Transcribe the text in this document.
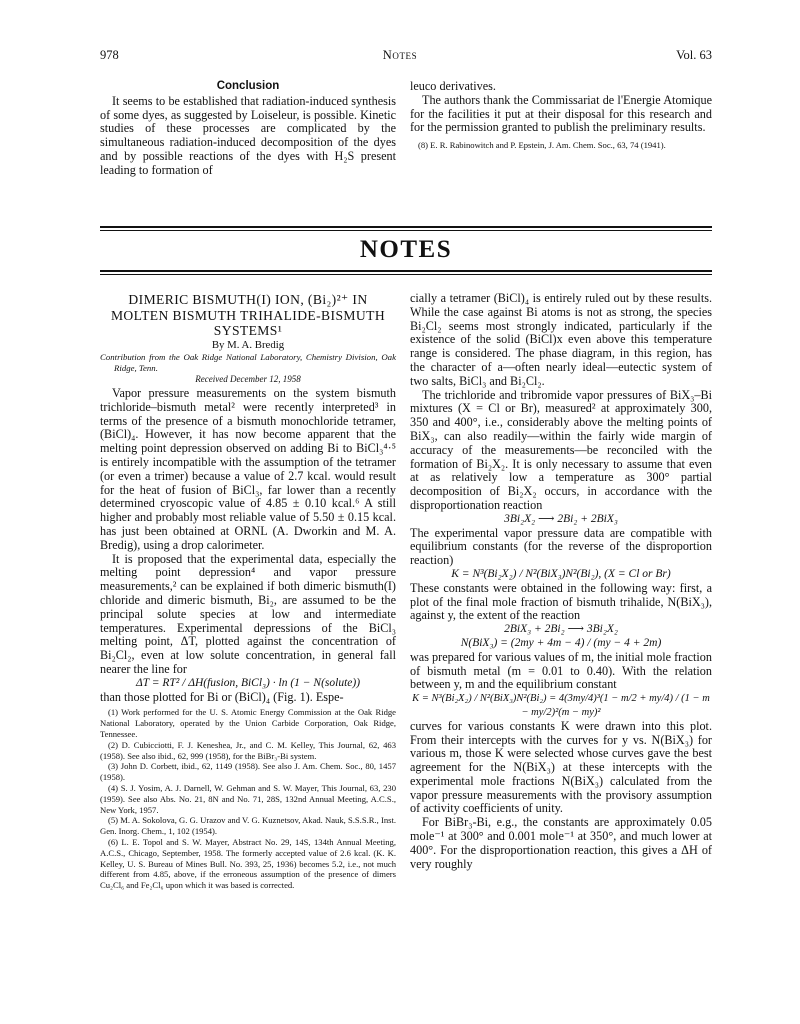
978	Notes	Vol. 63

Conclusion

It seems to be established that radiation-induced synthesis of some dyes, as suggested by Loiseleur, is possible. Kinetic studies of these processes are complicated by the simultaneous radiation-induced decomposition of the dyes and by possible reactions of the dyes with H₂S present leading to formation of

leuco derivatives.

The authors thank the Commissariat de l'Energie Atomique for the facilities it put at their disposal for this research and for the permission granted to publish the preliminary results.

(8) E. R. Rabinowitch and P. Epstein, J. Am. Chem. Soc., 63, 74 (1941).

NOTES

DIMERIC BISMUTH(I) ION, (Bi₂)²⁺ IN MOLTEN BISMUTH TRIHALIDE-BISMUTH SYSTEMS¹

By M. A. Bredig

Contribution from the Oak Ridge National Laboratory, Chemistry Division, Oak Ridge, Tenn.

Received December 12, 1958

Vapor pressure measurements on the system bismuth trichloride–bismuth metal² were recently interpreted³ in terms of the presence of a bismuth monochloride tetramer, (BiCl)₄. However, it has now become apparent that the melting point depression observed on adding Bi to BiCl₃⁴·⁵ is entirely incompatible with the assumption of the tetramer (or even a trimer) because a value of 2.7 kcal. would result for the heat of fusion of BiCl₃, far lower than a recently determined cryoscopic value of 4.85 ± 0.10 kcal.⁶ A still higher and probably most reliable value of 5.50 ± 0.15 kcal. has just been obtained at ORNL (A. Dworkin and M. A. Bredig), using a drop calorimeter.

It is proposed that the experimental data, especially the melting point depression⁴ and vapor pressure measurements,² can be explained if both dimeric bismuth(I) chloride and dimeric bismuth, Bi₂, are assumed to be the principal solute species at low and intermediate temperatures. Experimental depressions of the BiCl₃ melting point, ΔT, plotted against the concentration of Bi₂Cl₂, even at low solute concentration, in general fall nearer the line for

ΔT = RT² / ΔH(fusion, BiCl₃) · ln (1 − N(solute))

than those plotted for Bi or (BiCl)₄ (Fig. 1). Espe-

(1) Work performed for the U. S. Atomic Energy Commission at the Oak Ridge National Laboratory, operated by the Union Carbide Corporation, Oak Ridge, Tennessee.

(2) D. Cubicciotti, F. J. Keneshea, Jr., and C. M. Kelley, This Journal, 62, 463 (1958). See also ibid., 62, 999 (1958), for the BiBr₃-Bi system.

(3) John D. Corbett, ibid., 62, 1149 (1958). See also J. Am. Chem. Soc., 80, 1457 (1958).

(4) S. J. Yosim, A. J. Darnell, W. Gehman and S. W. Mayer, This Journal, 63, 230 (1959). See also Abs. No. 21, 8N and No. 71, 28S, 132nd Annual Meeting, A.C.S., New York, 1957.

(5) M. A. Sokolova, G. G. Urazov and V. G. Kuznetsov, Akad. Nauk, S.S.S.R., Inst. Gen. Inorg. Chem., 1, 102 (1954).

(6) L. E. Topol and S. W. Mayer, Abstract No. 29, 14S, 134th Annual Meeting, A.C.S., Chicago, September, 1958. The formerly accepted value of 2.6 kcal. (K. K. Kelley, U. S. Bureau of Mines Bull. No. 393, 25, 1936) becomes 5.2, i.e., not much different from 4.85, above, if the erroneous assumption of the presence of dimers Cu₂Cl₆ and Fe₂Cl₆ upon which it was based is corrected.

cially a tetramer (BiCl)₄ is entirely ruled out by these results. While the case against Bi atoms is not as strong, the species Bi₂Cl₂ seems most strongly indicated, particularly if the existence of the solid (BiCl)x even above this temperature range is considered. The phase diagram, in this region, has the character of a—often nearly ideal—eutectic system of two salts, BiCl₃ and Bi₂Cl₂.

The trichloride and tribromide vapor pressures of BiX₃–Bi mixtures (X = Cl or Br), measured² at approximately 300, 350 and 400°, i.e., considerably above the melting points of BiX₃, can also readily—within the fairly wide margin of accuracy of the measurements—be reconciled with the formation of Bi₂X₂. It is only necessary to assume that even at as relatively low a temperature as 300° partial decomposition of Bi₂X₂ occurs, in accordance with the disproportionation reaction

3Bi₂X₂ ⟶ 2Bi₂ + 2BiX₃

The experimental vapor pressure data are compatible with equilibrium constants (for the reverse of the disproportion reaction)

K = N³(Bi₂X₂) / N²(BiX₃)N²(Bi₂), (X = Cl or Br)

These constants were obtained in the following way: first, a plot of the final mole fraction of bismuth trihalide, N(BiX₃), against y, the extent of the reaction

2BiX₃ + 2Bi₂ ⟶ 3Bi₂X₂

N(BiX₃) = (2my + 4m − 4) / (my − 4 + 2m)

was prepared for various values of m, the initial mole fraction of bismuth metal (m = 0.01 to 0.40). With the relation between y, m and the equilibrium constant

K = N³(Bi₂X₂) / N²(BiX₃)N²(Bi₂) = 4(3my/4)³(1 − m/2 + my/4) / (1 − m − my/2)²(m − my)²

curves for various constants K were drawn into this plot. From their intercepts with the curves for y vs. N(BiX₃) for various m, those K were selected whose curves gave the best agreement for the N(BiX₃) at these intercepts with the experimental mole fractions N(BiX₃) calculated from the vapor pressure measurements with the provisory assumption of activity coefficients of unity.

For BiBr₃-Bi, e.g., the constants are approximately 0.05 mole⁻¹ at 300° and 0.001 mole⁻¹ at 350°, and much lower at 400°. For the disproportionation reaction, this gives a ΔH of very roughly
